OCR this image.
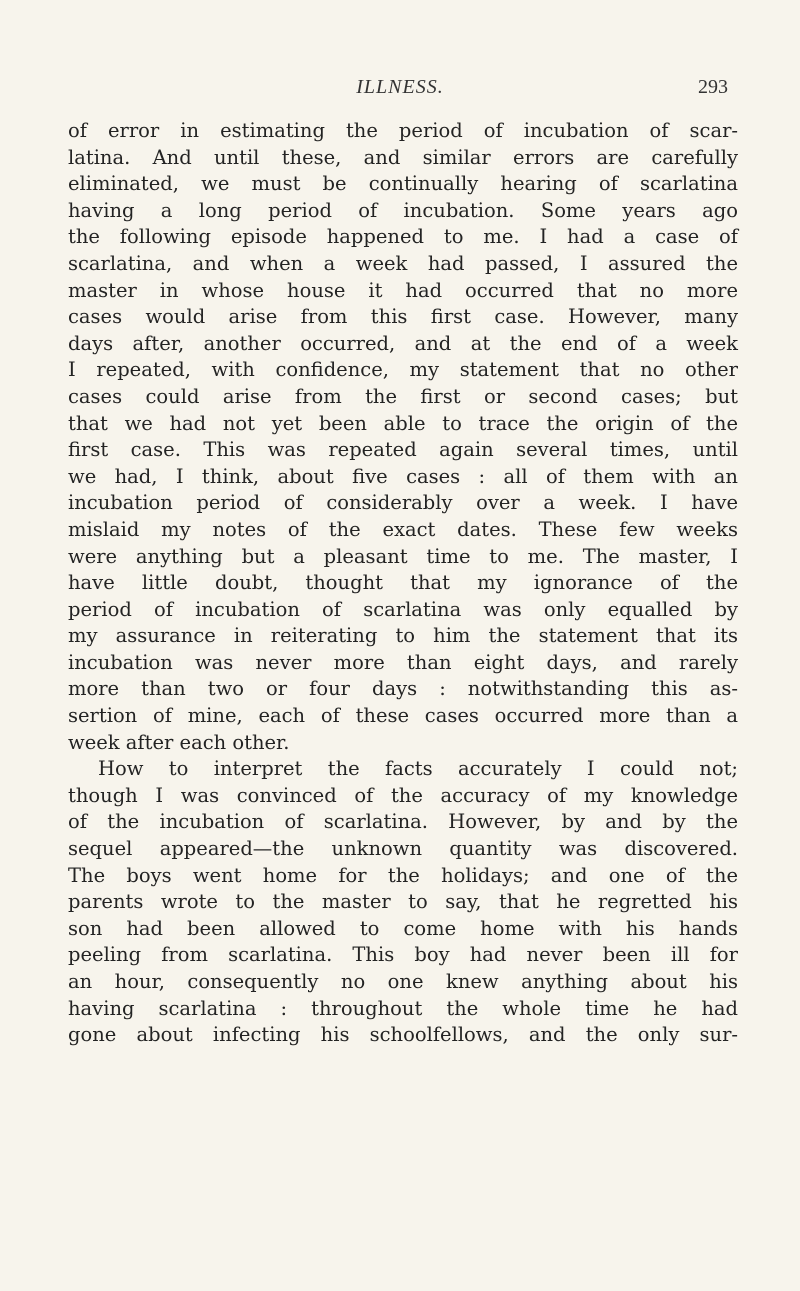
ILLNESS.	293
of error in estimating the period of incubation of scar-
latina. And until these, and similar errors are carefully
eliminated, we must be continually hearing of scarlatina
having a long period of incubation. Some years ago
the following episode happened to me. I had a case of
scarlatina, and when a week had passed, I assured the
master in whose house it had occurred that no more
cases would arise from this first case. However, many
days after, another occurred, and at the end of a week
I repeated, with confidence, my statement that no other
cases could arise from the first or second cases; but
that we had not yet been able to trace the origin of the
first case. This was repeated again several times, until
we had, I think, about five cases : all of them with an
incubation period of considerably over a week. I have
mislaid my notes of the exact dates. These few weeks
were anything but a pleasant time to me. The master, I
have little doubt, thought that my ignorance of the
period of incubation of scarlatina was only equalled by
my assurance in reiterating to him the statement that its
incubation was never more than eight days, and rarely
more than two or four days : notwithstanding this as-
sertion of mine, each of these cases occurred more than a
week after each other.
How to interpret the facts accurately I could not;
though I was convinced of the accuracy of my knowledge
of the incubation of scarlatina. However, by and by the
sequel appeared—the unknown quantity was discovered.
The boys went home for the holidays; and one of the
parents wrote to the master to say, that he regretted his
son had been allowed to come home with his hands
peeling from scarlatina. This boy had never been ill for
an hour, consequently no one knew anything about his
having scarlatina : throughout the whole time he had
gone about infecting his schoolfellows, and the only sur-
